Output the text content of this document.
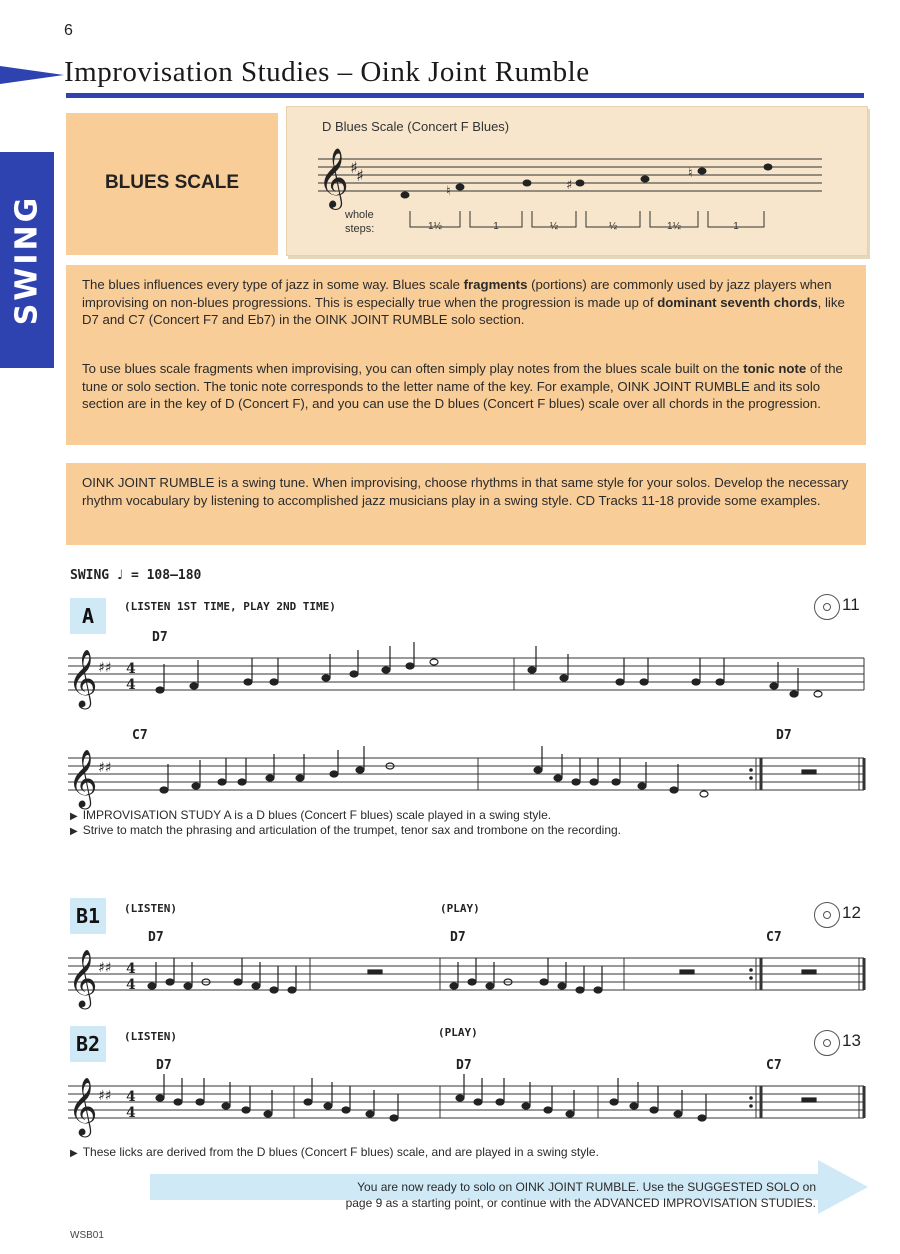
6
Improvisation Studies – Oink Joint Rumble
SWING
BLUES SCALE
D Blues Scale (Concert F Blues)
𝄞 ♯
♯
♮	♯
♮
whole
steps:	1½	1	½	½	1½	1
The blues influences every type of jazz in some way. Blues scale fragments (portions) are commonly used by jazz players when improvising on non-blues progressions. This is especially true when the progression is made up of dominant seventh chords, like D7 and C7 (Concert F7 and Eb7) in the OINK JOINT RUMBLE solo section.
To use blues scale fragments when improvising, you can often simply play notes from the blues scale built on the tonic note of the tune or solo section. The tonic note corresponds to the letter name of the key. For example, OINK JOINT RUMBLE and its solo section are in the key of D (Concert F), and you can use the D blues (Concert F blues) scale over all chords in the progression.
OINK JOINT RUMBLE is a swing tune. When improvising, choose rhythms in that same style for your solos. Develop the necessary rhythm vocabulary by listening to accomplished jazz musicians play in a swing style. CD Tracks 11-18 provide some examples.
SWING ♩ = 108–180
A	(LISTEN 1ST TIME, PLAY 2ND TIME)	11
D7
𝄞 ♯♯ 4
4
C7	D7
𝄞 ♯♯
▶ IMPROVISATION STUDY A is a D blues (Concert F blues) scale played in a swing style.
▶ Strive to match the phrasing and articulation of the trumpet, tenor sax and trombone on the recording.
B1	(LISTEN)	(PLAY)	12
D7	D7	C7
𝄞 ♯♯ 4
4
B2	(LISTEN)	(PLAY)	13
D7	D7	C7
𝄞 ♯♯ 4
4
▶ These licks are derived from the D blues (Concert F blues) scale, and are played in a swing style.
You are now ready to solo on OINK JOINT RUMBLE. Use the SUGGESTED SOLO on
page 9 as a starting point, or continue with the ADVANCED IMPROVISATION STUDIES.
WSB01
